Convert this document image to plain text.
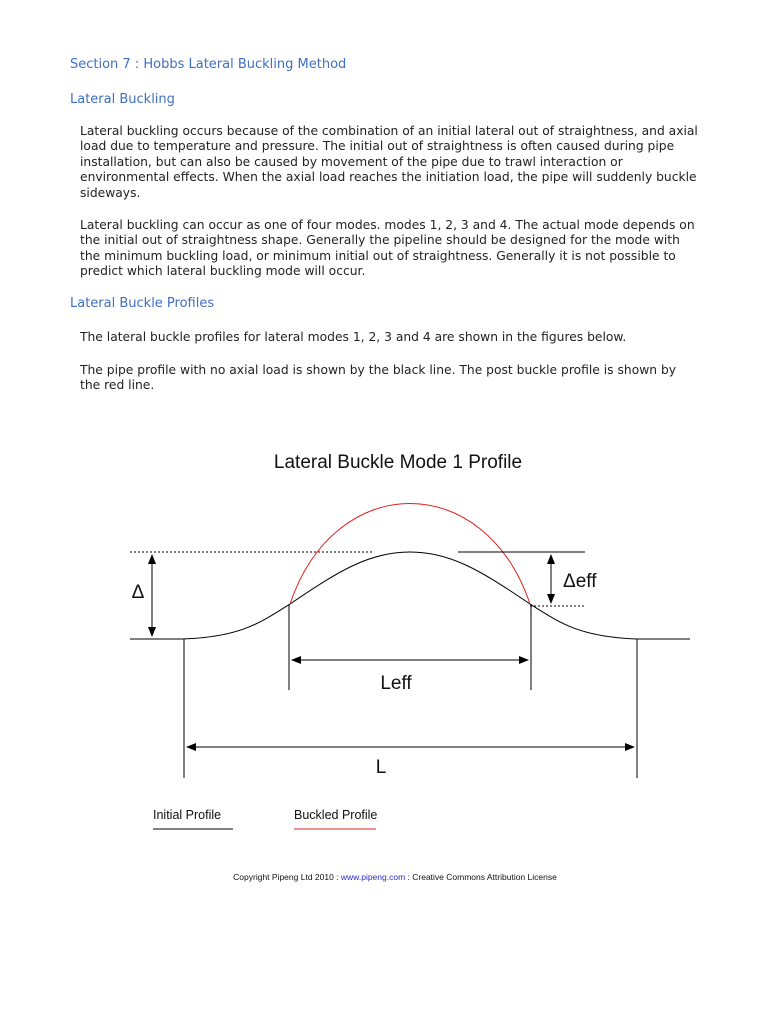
Section 7 : Hobbs Lateral Buckling Method
Lateral Buckling

Lateral buckling occurs because of the combination of an initial lateral out of straightness, and axial load due to temperature and pressure. The initial out of straightness is often caused during pipe installation, but can also be caused by movement of the pipe due to trawl interaction or environmental effects. When the axial load reaches the initiation load, the pipe will suddenly buckle sideways.

Lateral buckling can occur as one of four modes. modes 1, 2, 3 and 4. The actual mode depends on the initial out of straightness shape. Generally the pipeline should be designed for the mode with the minimum buckling load, or minimum initial out of straightness. Generally it is not possible to predict which lateral buckling mode will occur.

Lateral Buckle Profiles

The lateral buckle profiles for lateral modes 1, 2, 3 and 4 are shown in the figures below.

The pipe profile with no axial load is shown by the black line. The post buckle profile is shown by the red line.

Lateral Buckle Mode 1 Profile
Δ
Δeff
Leff
L
Initial Profile	Buckled Profile
Copyright Pipeng Ltd 2010 : www.pipeng.com : Creative Commons Attribution License
